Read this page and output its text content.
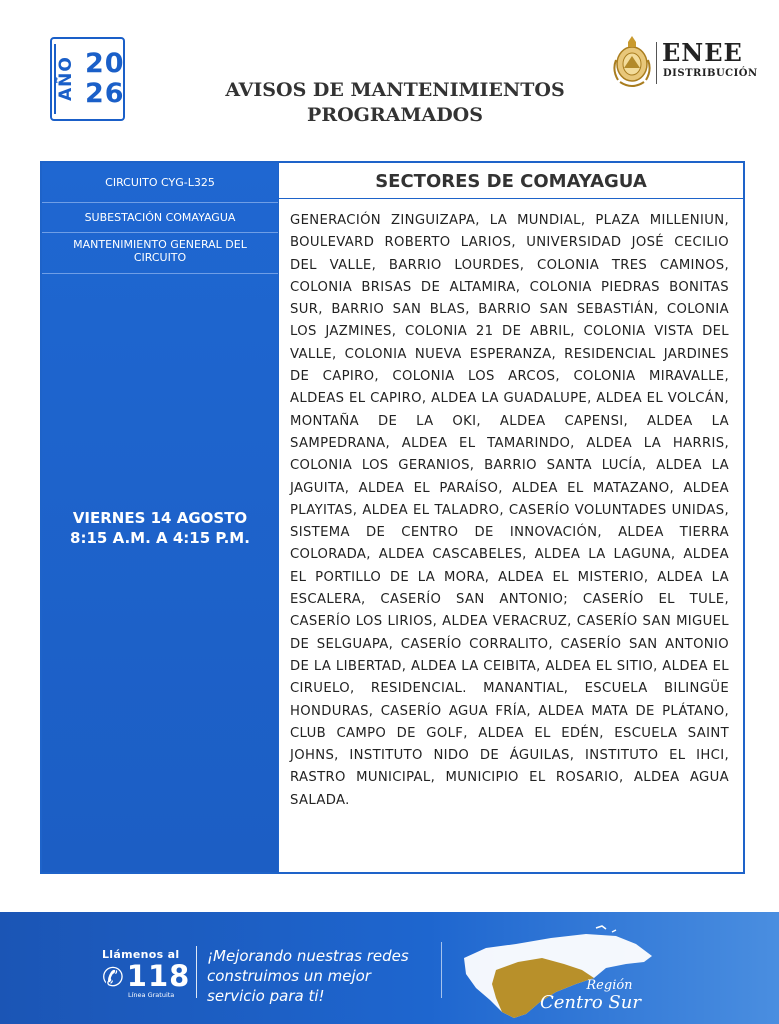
AÑO 20
26	AVISOS DE MANTENIMIENTOS
PROGRAMADOS
ENEE
DISTRIBUCIÓN
CIRCUITO CYG-L325
SUBESTACIÓN COMAYAGUA
MANTENIMIENTO GENERAL DEL
CIRCUITO
VIERNES 14 AGOSTO
8:15 A.M. A 4:15 P.M.
SECTORES DE COMAYAGUA
GENERACIÓN ZINGUIZAPA, LA MUNDIAL, PLAZA MILLENIUN, BOULEVARD ROBERTO LARIOS, UNIVERSIDAD JOSÉ CECILIO DEL VALLE, BARRIO LOURDES, COLONIA TRES CAMINOS, COLONIA BRISAS DE ALTAMIRA, COLONIA PIEDRAS BONITAS SUR, BARRIO SAN BLAS, BARRIO SAN SEBASTIÁN, COLONIA LOS JAZMINES, COLONIA 21 DE ABRIL, COLONIA VISTA DEL VALLE, COLONIA NUEVA ESPERANZA, RESIDENCIAL JARDINES DE CAPIRO, COLONIA LOS ARCOS, COLONIA MIRAVALLE, ALDEAS EL CAPIRO, ALDEA LA GUADALUPE, ALDEA EL VOLCÁN, MONTAÑA DE LA OKI, ALDEA CAPENSI, ALDEA LA SAMPEDRANA, ALDEA EL TAMARINDO, ALDEA LA HARRIS, COLONIA LOS GERANIOS, BARRIO SANTA LUCÍA, ALDEA LA JAGUITA, ALDEA EL PARAÍSO, ALDEA EL MATAZANO, ALDEA PLAYITAS, ALDEA EL TALADRO, CASERÍO VOLUNTADES UNIDAS, SISTEMA DE CENTRO DE INNOVACIÓN, ALDEA TIERRA COLORADA, ALDEA CASCABELES, ALDEA LA LAGUNA, ALDEA EL PORTILLO DE LA MORA, ALDEA EL MISTERIO, ALDEA LA ESCALERA, CASERÍO SAN ANTONIO; CASERÍO EL TULE, CASERÍO LOS LIRIOS, ALDEA VERACRUZ, CASERÍO SAN MIGUEL DE SELGUAPA, CASERÍO CORRALITO, CASERÍO SAN ANTONIO DE LA LIBERTAD, ALDEA LA CEIBITA, ALDEA EL SITIO, ALDEA EL CIRUELO, RESIDENCIAL. MANANTIAL, ESCUELA BILINGÜE HONDURAS, CASERÍO AGUA FRÍA, ALDEA MATA DE PLÁTANO, CLUB CAMPO DE GOLF, ALDEA EL EDÉN, ESCUELA SAINT JOHNS, INSTITUTO NIDO DE ÁGUILAS, INSTITUTO EL IHCI, RASTRO MUNICIPAL, MUNICIPIO EL ROSARIO, ALDEA AGUA SALADA.
Llámenos al
✆118
Línea Gratuita
¡Mejorando nuestras redes
construimos un mejor
servicio para ti!
Región
Centro Sur
